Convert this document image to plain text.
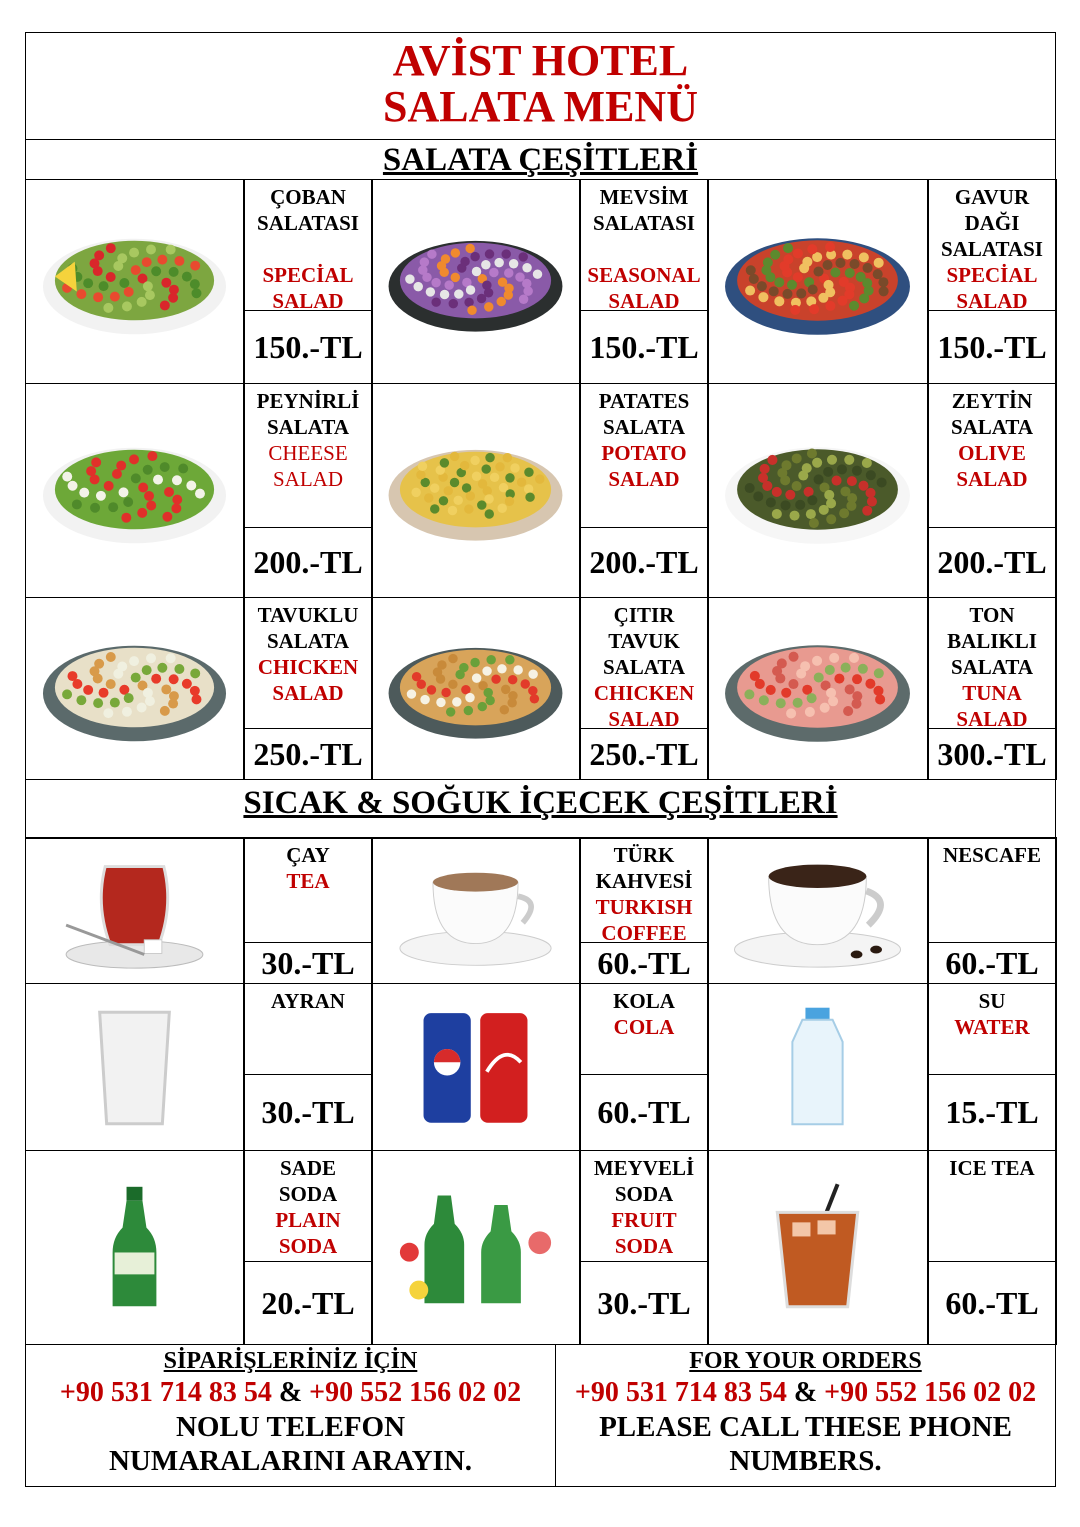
AVİST HOTEL
SALATA MENÜ
SALATA ÇEŞİTLERİ
SICAK & SOĞUK İÇECEK ÇEŞİTLERİ
SİPARİŞLERİNİZ İÇİN
+90 531 714 83 54 & +90 552 156 02 02
NOLU TELEFON NUMARALARINI ARAYIN.
FOR YOUR ORDERS
+90 531 714 83 54 & +90 552 156 02 02
PLEASE CALL THESE PHONE NUMBERS.
ÇOBAN
SALATASI
SPECİAL
SALAD
150.-TL
MEVSİM
SALATASI
SEASONAL
SALAD
150.-TL
GAVUR
DAĞI
SALATASI
SPECİAL
SALAD
150.-TL
PEYNİRLİ
SALATA
CHEESE
SALAD
200.-TL
PATATES
SALATA
POTATO
SALAD
200.-TL
ZEYTİN
SALATA
OLIVE
SALAD
200.-TL
TAVUKLU
SALATA
CHICKEN
SALAD
250.-TL
ÇITIR
TAVUK
SALATA
CHICKEN
SALAD
250.-TL
TON
BALIKLI
SALATA
TUNA
SALAD
300.-TL
ÇAY
TEA
30.-TL
TÜRK
KAHVESİ
TURKISH
COFFEE
60.-TL
NESCAFE
60.-TL
AYRAN
30.-TL
KOLA
COLA
60.-TL
SU
WATER
15.-TL
SADE
SODA
PLAIN
SODA
20.-TL
MEYVELİ
SODA
FRUIT
SODA
30.-TL
ICE TEA
60.-TL
